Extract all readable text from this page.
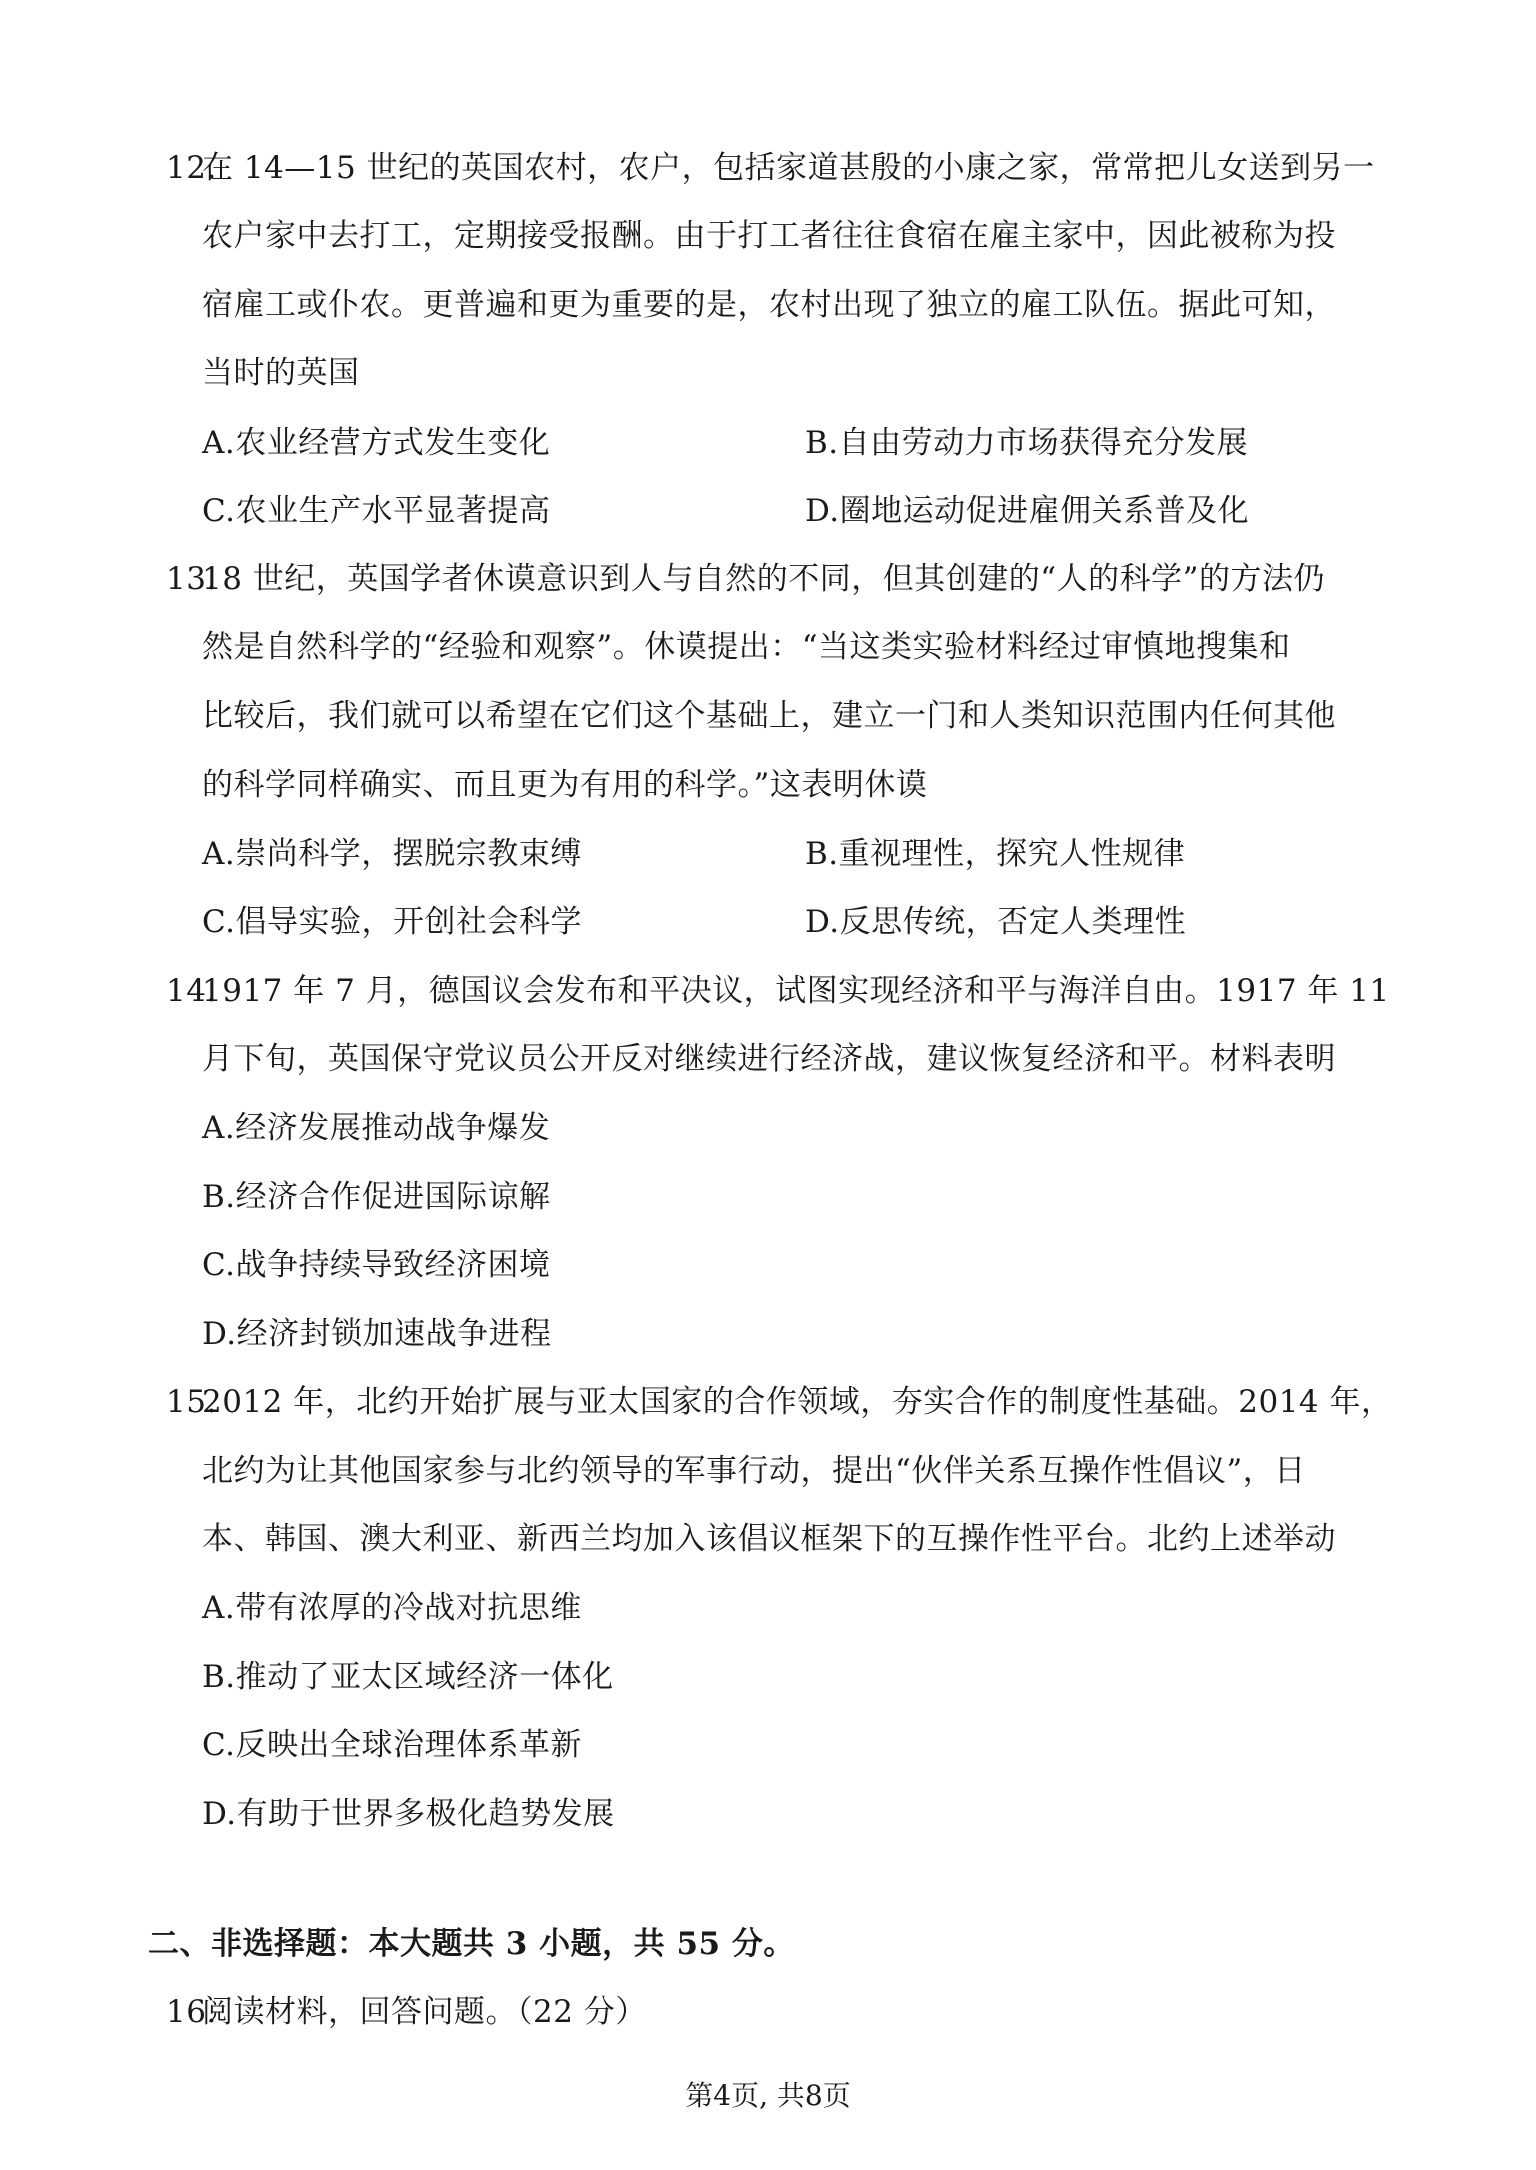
12.
在 14—15 世纪的英国农村，农户，包括家道甚殷的小康之家，常常把儿女送到另一
农户家中去打工，定期接受报酬。由于打工者往往食宿在雇主家中，因此被称为投
宿雇工或仆农。更普遍和更为重要的是，农村出现了独立的雇工队伍。据此可知，
当时的英国
A.农业经营方式发生变化	B.自由劳动力市场获得充分发展
C.农业生产水平显著提高	D.圈地运动促进雇佣关系普及化
13.
18 世纪，英国学者休谟意识到人与自然的不同，但其创建的“人的科学”的方法仍
然是自然科学的“经验和观察”。休谟提出：“当这类实验材料经过审慎地搜集和
比较后，我们就可以希望在它们这个基础上，建立一门和人类知识范围内任何其他
的科学同样确实、而且更为有用的科学。”这表明休谟
A.崇尚科学，摆脱宗教束缚	B.重视理性，探究人性规律
C.倡导实验，开创社会科学	D.反思传统，否定人类理性
14.
1917 年 7 月，德国议会发布和平决议，试图实现经济和平与海洋自由。1917 年 11
月下旬，英国保守党议员公开反对继续进行经济战，建议恢复经济和平。材料表明
A.经济发展推动战争爆发
B.经济合作促进国际谅解
C.战争持续导致经济困境
D.经济封锁加速战争进程
15.
2012 年，北约开始扩展与亚太国家的合作领域，夯实合作的制度性基础。2014 年，
北约为让其他国家参与北约领导的军事行动，提出“伙伴关系互操作性倡议”，日
本、韩国、澳大利亚、新西兰均加入该倡议框架下的互操作性平台。北约上述举动
A.带有浓厚的冷战对抗思维
B.推动了亚太区域经济一体化
C.反映出全球治理体系革新
D.有助于世界多极化趋势发展
二、非选择题：本大题共 3 小题，共 55 分。
16.
阅读材料，回答问题。（22 分）
第4页, 共8页
